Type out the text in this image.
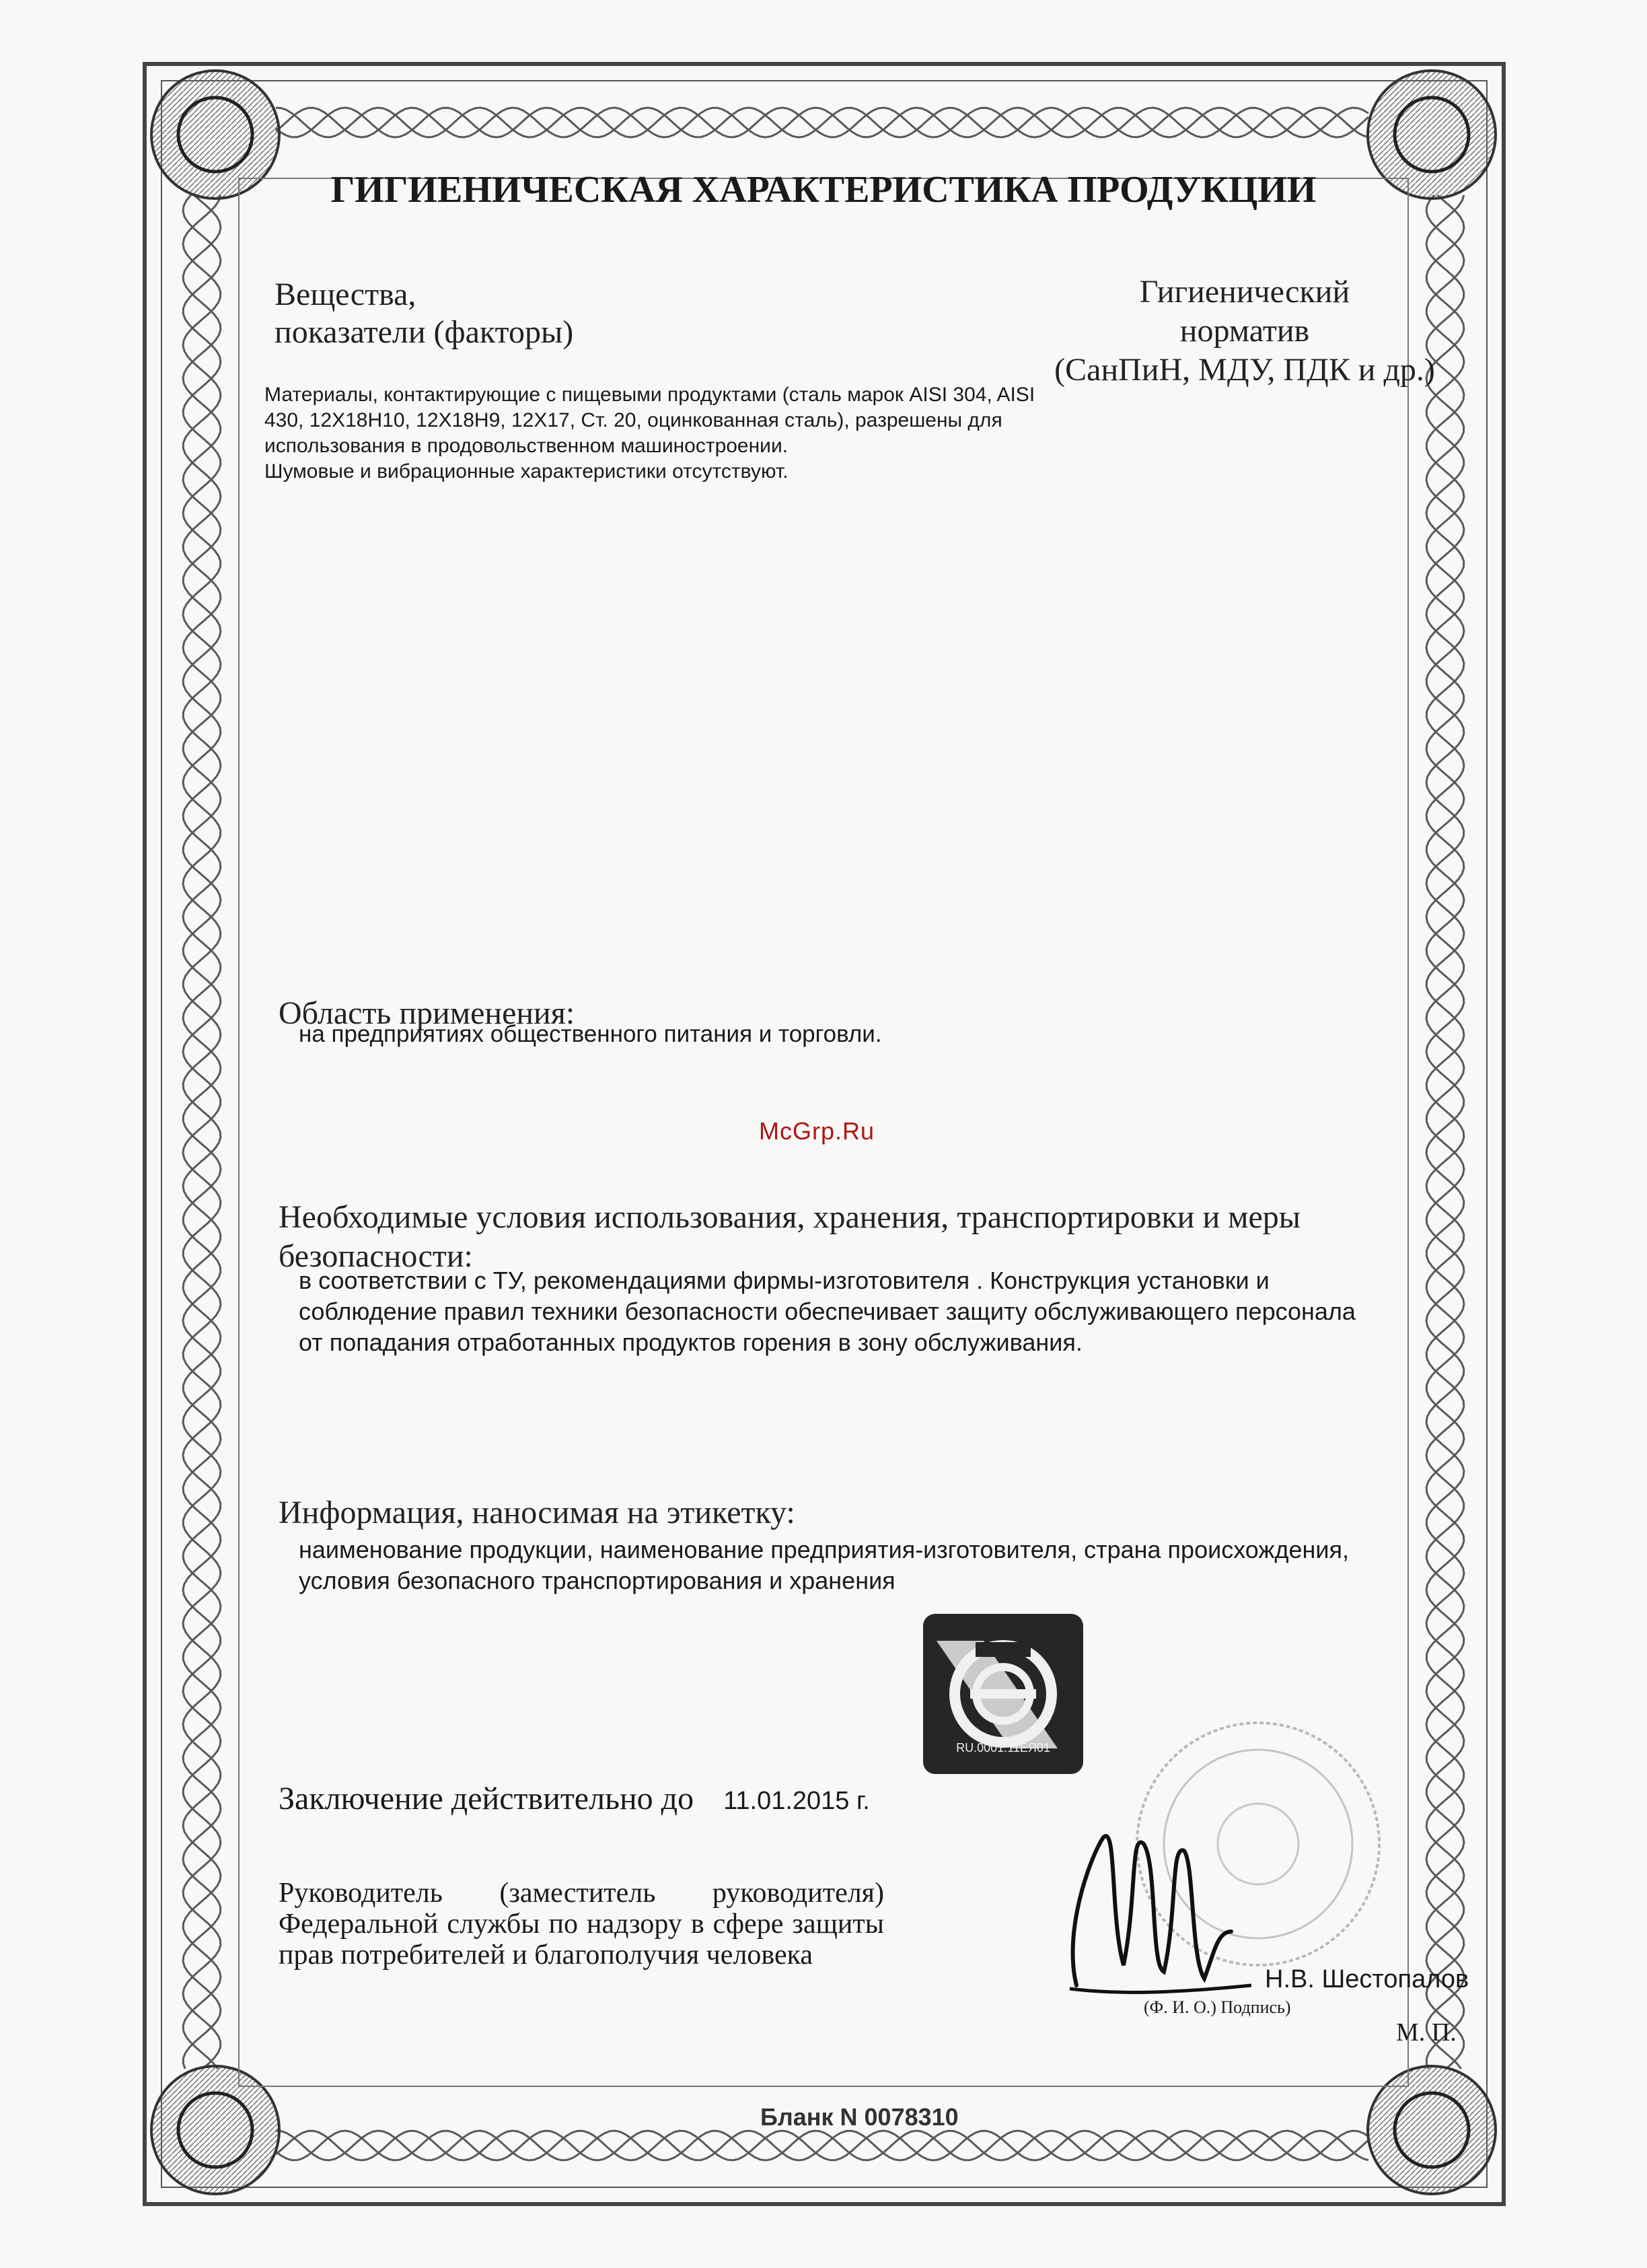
ГИГИЕНИЧЕСКАЯ ХАРАКТЕРИСТИКА ПРОДУКЦИИ
Вещества,
показатели (факторы)
Гигиенический
норматив
(СанПиН, МДУ, ПДК и др.)
Материалы, контактирующие с пищевыми продуктами (сталь марок AISI 304, AISI
430, 12Х18Н10, 12Х18Н9, 12Х17, Ст. 20, оцинкованная сталь), разрешены для
использования в продовольственном машиностроении.
Шумовые и вибрационные характеристики отсутствуют.
Область применения:
на предприятиях общественного питания и торговли.
McGrp.Ru
Необходимые условия использования, хранения, транспортировки и меры
безопасности:
в соответствии с ТУ, рекомендациями фирмы-изготовителя . Конструкция установки и
соблюдение правил техники безопасности обеспечивает защиту обслуживающего персонала
от попадания отработанных продуктов горения в зону обслуживания.
Информация, наносимая на этикетку:
наименование продукции, наименование предприятия-изготовителя, страна происхождения,
условия безопасного транспортирования и хранения
RU.0001.11ЕЯ01
Заключение действительно до 11.01.2015 г.
Руководитель (заместитель руководителя) Федеральной службы по надзору в сфере защиты прав потребителей и благополучия человека
Н.В. Шестопалов
(Ф. И. О.) Подпись)
М. П.
Бланк N 0078310
